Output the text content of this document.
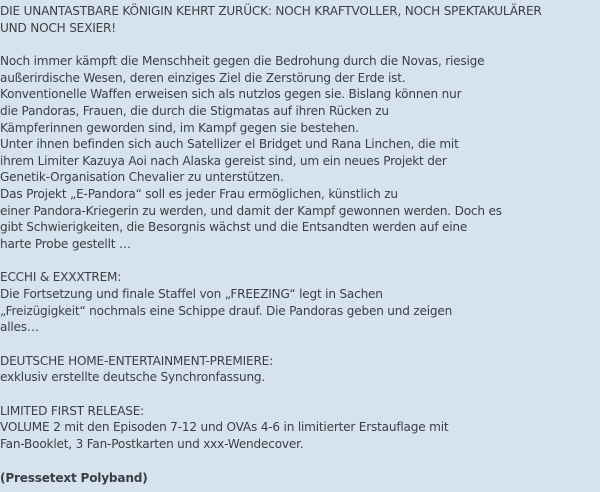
DIE UNANTASTBARE KÖNIGIN KEHRT ZURÜCK: NOCH KRAFTVOLLER, NOCH SPEKTAKULÄRER
UND NOCH SEXIER!
Noch immer kämpft die Menschheit gegen die Bedrohung durch die Novas, riesige
außerirdische Wesen, deren einziges Ziel die Zerstörung der Erde ist.
Konventionelle Waffen erweisen sich als nutzlos gegen sie. Bislang können nur
die Pandoras, Frauen, die durch die Stigmatas auf ihren Rücken zu
Kämpferinnen geworden sind, im Kampf gegen sie bestehen.
Unter ihnen befinden sich auch Satellizer el Bridget und Rana Linchen, die mit
ihrem Limiter Kazuya Aoi nach Alaska gereist sind, um ein neues Projekt der
Genetik-Organisation Chevalier zu unterstützen.
Das Projekt „E-Pandora“ soll es jeder Frau ermöglichen, künstlich zu
einer Pandora-Kriegerin zu werden, und damit der Kampf gewonnen werden. Doch es
gibt Schwierigkeiten, die Besorgnis wächst und die Entsandten werden auf eine
harte Probe gestellt …
ECCHI & EXXXTREM:
Die Fortsetzung und finale Staffel von „FREEZING“ legt in Sachen
„Freizügigkeit“ nochmals eine Schippe drauf. Die Pandoras geben und zeigen
alles…
DEUTSCHE HOME-ENTERTAINMENT-PREMIERE:
exklusiv erstellte deutsche Synchronfassung.
LIMITED FIRST RELEASE:
VOLUME 2 mit den Episoden 7-12 und OVAs 4-6 in limitierter Erstauflage mit
Fan-Booklet, 3 Fan-Postkarten und xxx-Wendecover.
(Pressetext Polyband)
